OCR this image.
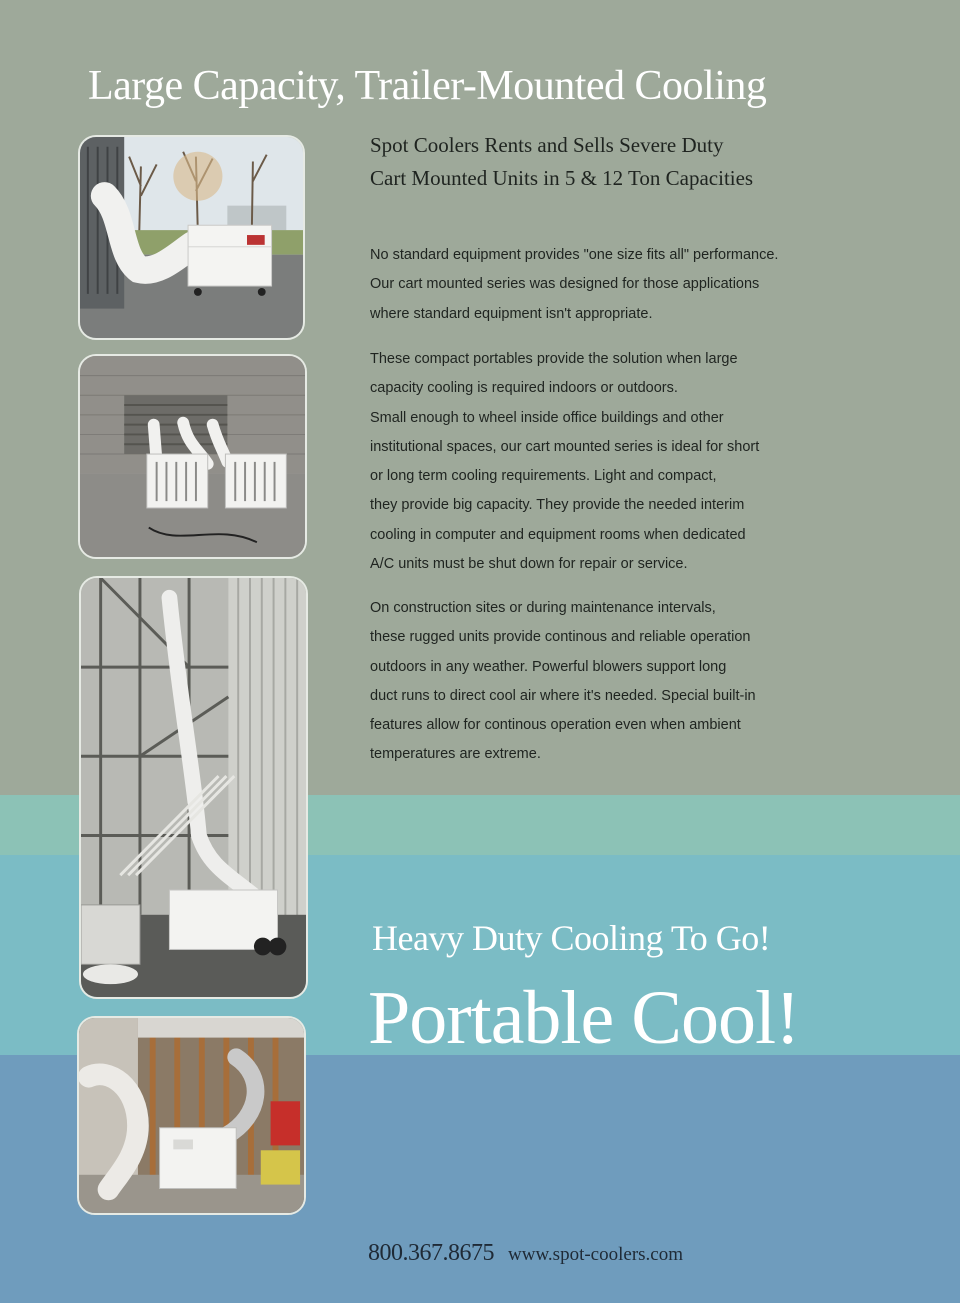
Large Capacity, Trailer-Mounted Cooling
Spot Coolers Rents and Sells Severe Duty
Cart Mounted Units in 5 & 12 Ton Capacities

No standard equipment provides "one size fits all" performance.
Our cart mounted series was designed for those applications
where standard equipment isn't appropriate.

These compact portables provide the solution when large
capacity cooling is required indoors or outdoors.
Small enough to wheel inside office buildings and other
institutional spaces, our cart mounted series is ideal for short
or long term cooling requirements. Light and compact,
they provide big capacity. They provide the needed interim
cooling in computer and equipment rooms when dedicated
A/C units must be shut down for repair or service.

On construction sites or during maintenance intervals,
these rugged units provide continous and reliable operation
outdoors in any weather. Powerful blowers support long
duct runs to direct cool air where it's needed. Special built-in
features allow for continous operation even when ambient
temperatures are extreme.

Heavy Duty Cooling To Go!
Portable Cool!
800.367.8675 www.spot-coolers.com
